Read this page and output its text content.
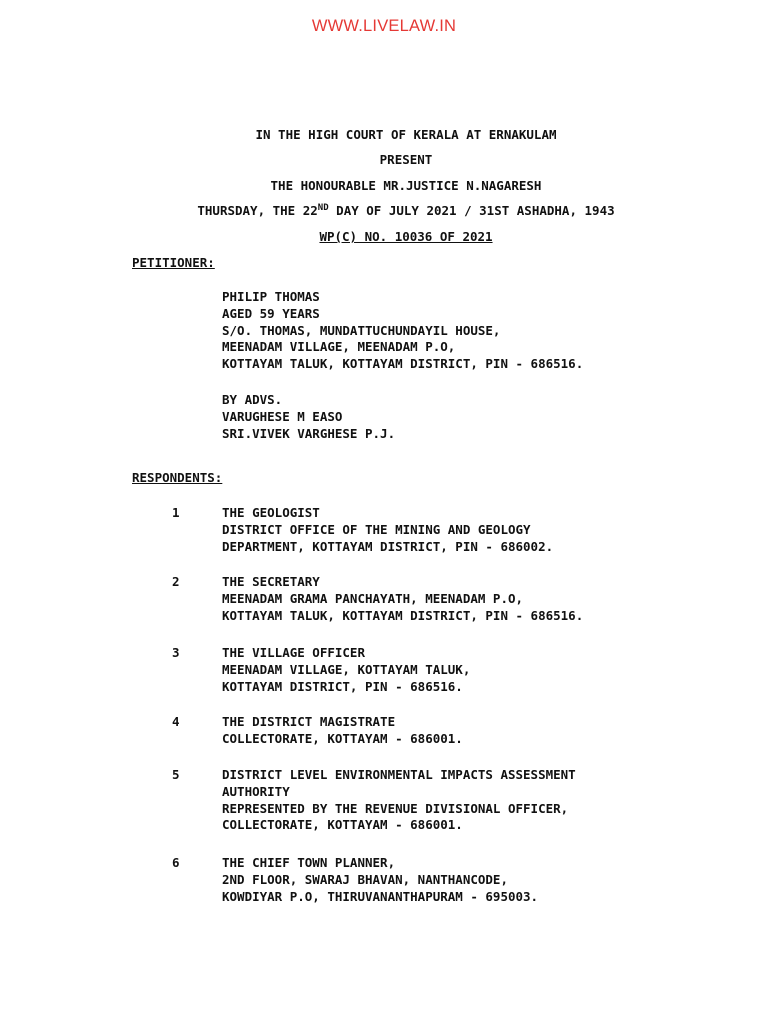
WWW.LIVELAW.IN
IN THE HIGH COURT OF KERALA AT ERNAKULAM
PRESENT
THE HONOURABLE MR.JUSTICE N.NAGARESH
THURSDAY, THE 22ND DAY OF JULY 2021 / 31ST ASHADHA, 1943
WP(C) NO. 10036 OF 2021
PETITIONER:
PHILIP THOMAS
AGED 59 YEARS
S/O. THOMAS, MUNDATTUCHUNDAYIL HOUSE,
MEENADAM VILLAGE, MEENADAM P.O,
KOTTAYAM TALUK, KOTTAYAM DISTRICT, PIN - 686516.
BY ADVS.
VARUGHESE M EASO
SRI.VIVEK VARGHESE P.J.
RESPONDENTS:
1	THE GEOLOGIST
DISTRICT OFFICE OF THE MINING AND GEOLOGY
DEPARTMENT, KOTTAYAM DISTRICT, PIN - 686002.
2	THE SECRETARY
MEENADAM GRAMA PANCHAYATH, MEENADAM P.O,
KOTTAYAM TALUK, KOTTAYAM DISTRICT, PIN - 686516.
3	THE VILLAGE OFFICER
MEENADAM VILLAGE, KOTTAYAM TALUK,
KOTTAYAM DISTRICT, PIN - 686516.
4	THE DISTRICT MAGISTRATE
COLLECTORATE, KOTTAYAM - 686001.
5	DISTRICT LEVEL ENVIRONMENTAL IMPACTS ASSESSMENT
AUTHORITY
REPRESENTED BY THE REVENUE DIVISIONAL OFFICER,
COLLECTORATE, KOTTAYAM - 686001.
6	THE CHIEF TOWN PLANNER,
2ND FLOOR, SWARAJ BHAVAN, NANTHANCODE,
KOWDIYAR P.O, THIRUVANANTHAPURAM - 695003.
